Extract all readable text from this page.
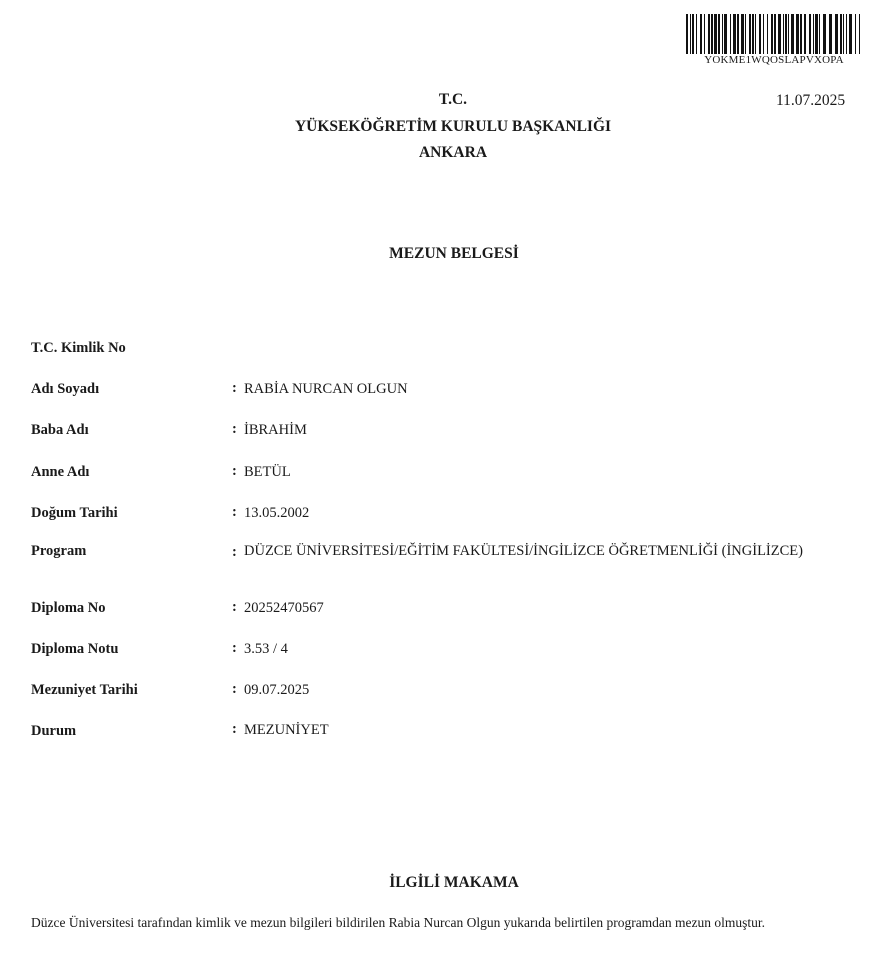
YOKME1WQOSLAPVXOPA
11.07.2025
T.C.
YÜKSEKÖĞRETİM KURULU BAŞKANLIĞI
ANKARA
MEZUN BELGESİ
T.C. Kimlik No
Adı Soyadı	: RABİA NURCAN OLGUN
Baba Adı	: İBRAHİM
Anne Adı	: BETÜL
Doğum Tarihi	: 13.05.2002
Program	: DÜZCE ÜNİVERSİTESİ/EĞİTİM FAKÜLTESİ/İNGİLİZCE ÖĞRETMENLİĞİ (İNGİLİZCE)
Diploma No	: 20252470567
Diploma Notu	: 3.53 / 4
Mezuniyet Tarihi	: 09.07.2025
Durum	: MEZUNİYET
İLGİLİ MAKAMA
Düzce Üniversitesi tarafından kimlik ve mezun bilgileri bildirilen Rabia Nurcan Olgun yukarıda belirtilen programdan mezun olmuştur.
